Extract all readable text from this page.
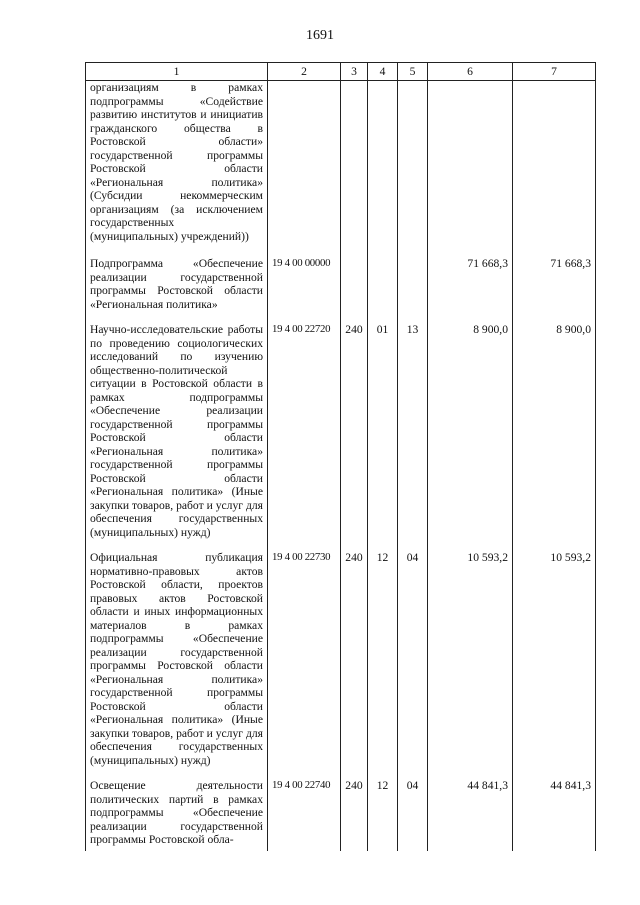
1691
1	2	3	4	5	6	7
организациям в рамках подпрограммы «Содействие развитию институтов и инициатив гражданского общества в Ростовской области» государственной программы Ростовской области «Региональная политика» (Субсидии некоммерческим организациям (за исключением государственных (муниципальных) учреждений))						
Подпрограмма «Обеспечение реализации государственной программы Ростовской области «Региональная политика»	19 4 00 00000				71 668,3	71 668,3
Научно-исследовательские работы по проведению социологических исследований по изучению общественно-политической ситуации в Ростовской области в рамках подпрограммы «Обеспечение реализации государственной программы Ростовской области «Региональная политика» государственной программы Ростовской области «Региональная политика» (Иные закупки товаров, работ и услуг для обеспечения государственных (муниципальных) нужд)	19 4 00 22720	240	01	13	8 900,0	8 900,0
Официальная публикация нормативно-правовых актов Ростовской области, проектов правовых актов Ростовской области и иных информационных материалов в рамках подпрограммы «Обеспечение реализации государственной программы Ростовской области «Региональная политика» государственной программы Ростовской области «Региональная политика» (Иные закупки товаров, работ и услуг для обеспечения государственных (муниципальных) нужд)	19 4 00 22730	240	12	04	10 593,2	10 593,2
Освещение деятельности политических партий в рамках подпрограммы «Обеспечение реализации государственной программы Ростовской обла-	19 4 00 22740	240	12	04	44 841,3	44 841,3
